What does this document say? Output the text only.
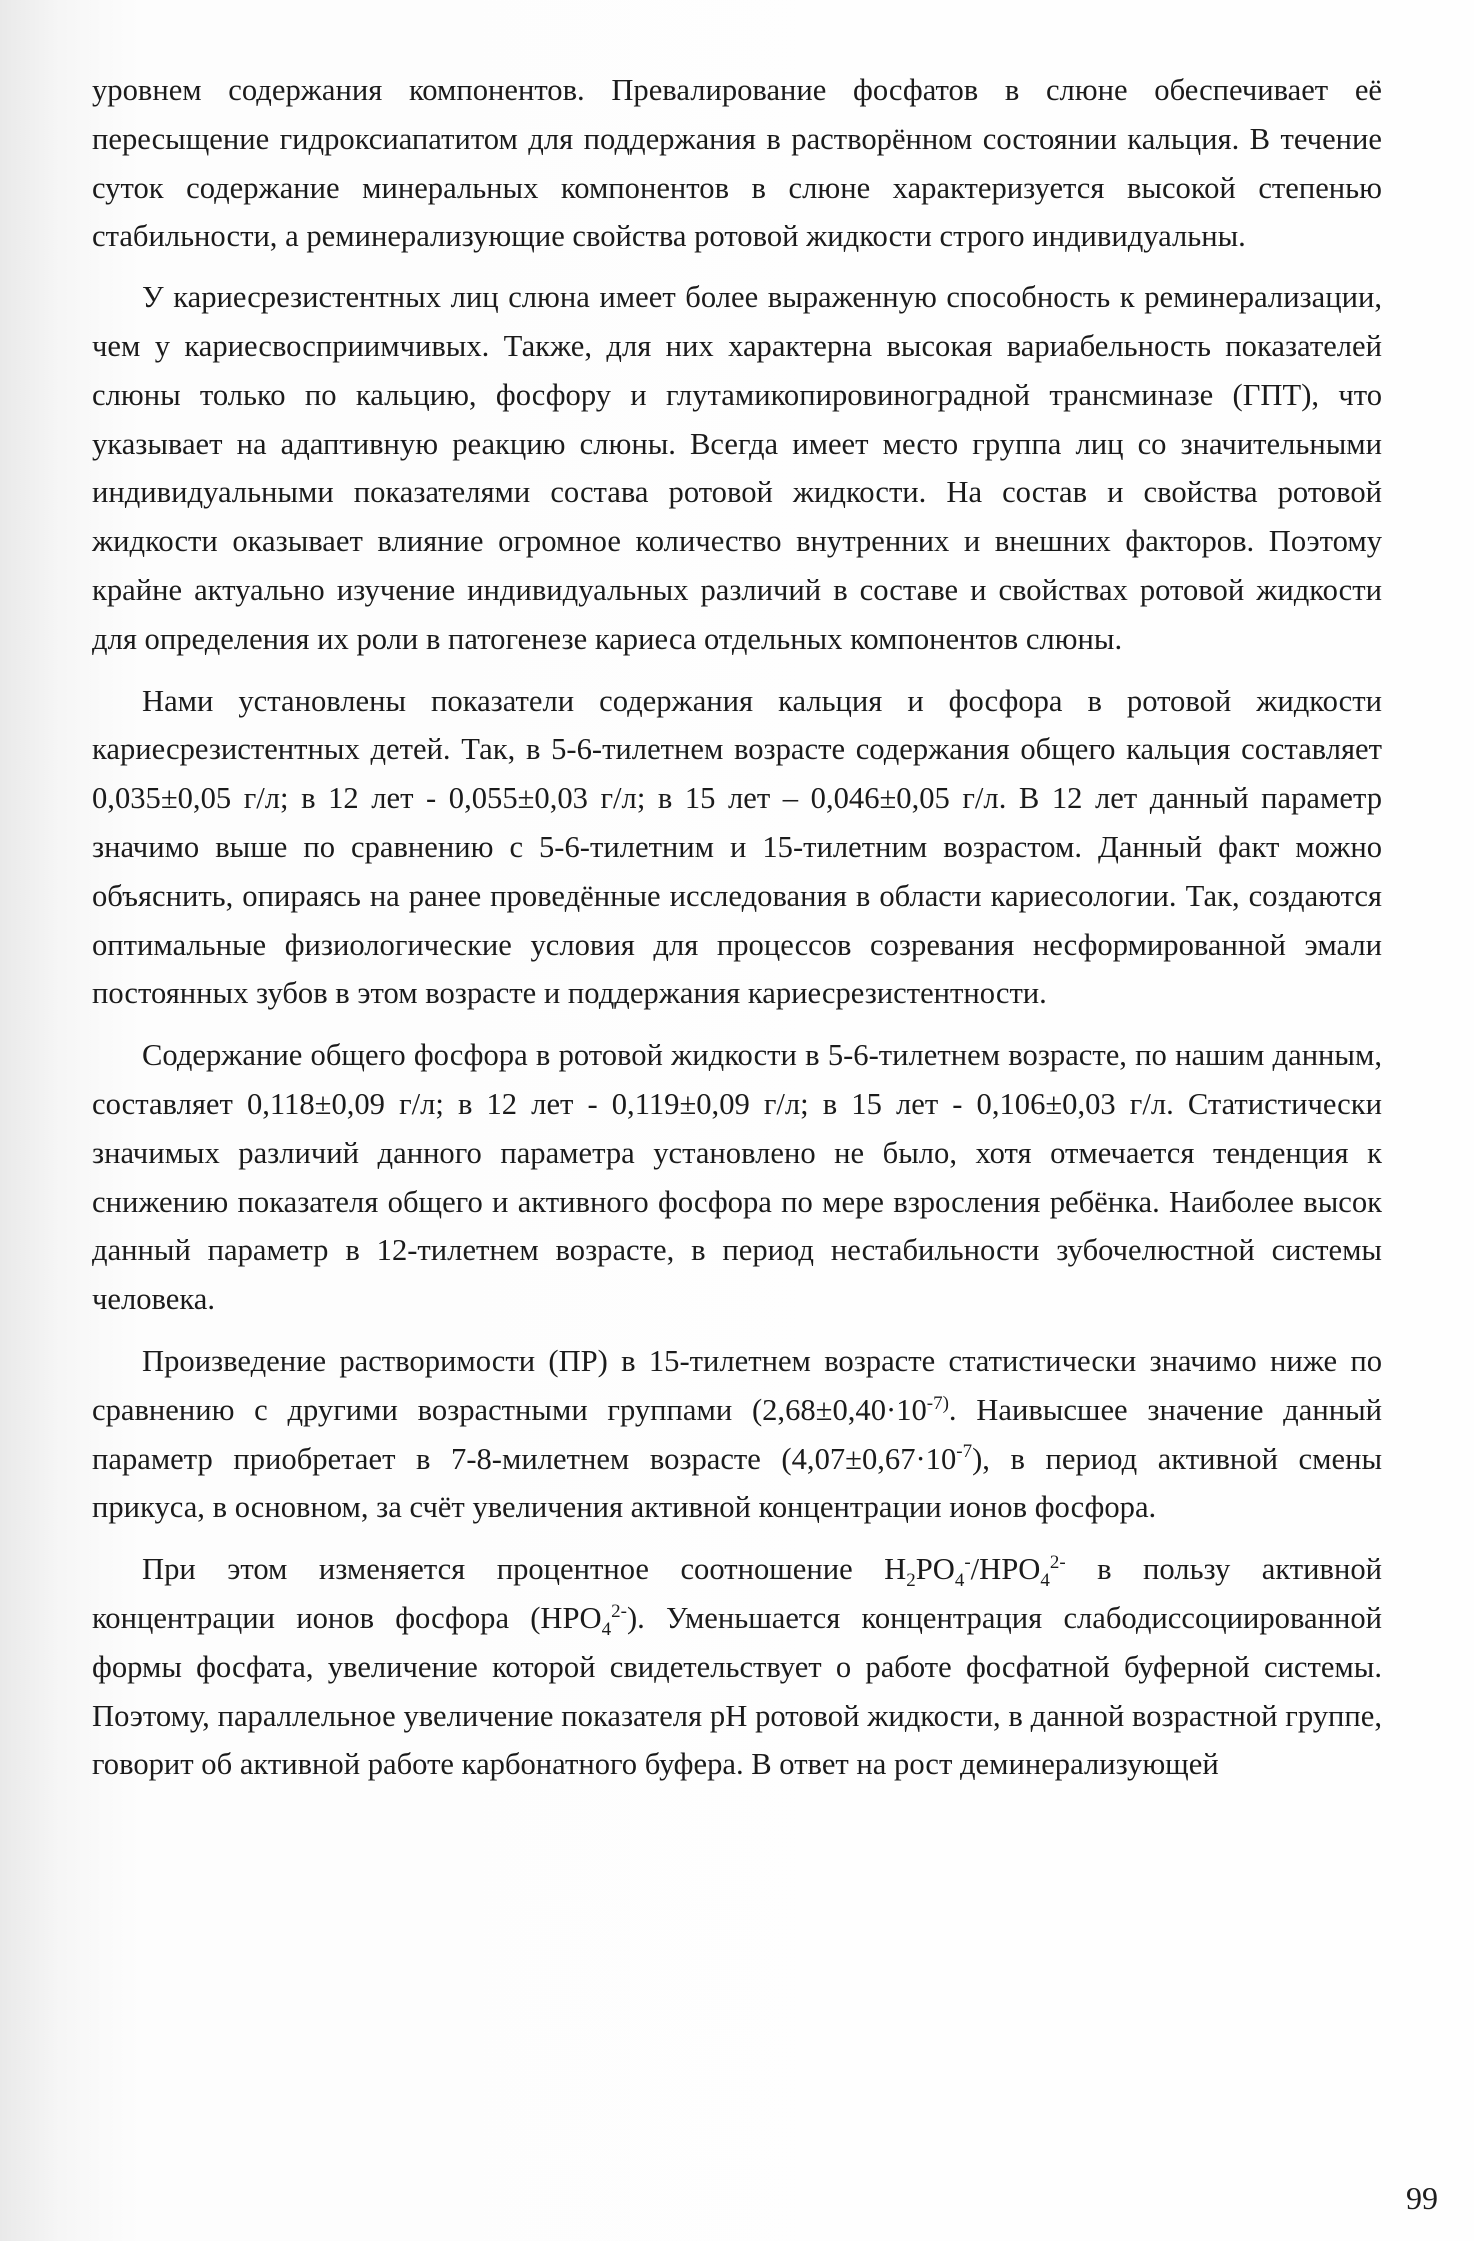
уровнем содержания компонентов. Превалирование фосфатов в слюне обеспечивает её пересыщение гидроксиапатитом для поддержания в растворённом состоянии кальция. В течение суток содержание минеральных компонентов в слюне характеризуется высокой степенью стабильности, а реминерализующие свойства ротовой жидкости строго индивидуальны.

У кариесрезистентных лиц слюна имеет более выраженную способность к реминерализации, чем у кариесвосприимчивых. Также, для них характерна высокая вариабельность показателей слюны только по кальцию, фосфору и глутамикопировиноградной трансминазе (ГПТ), что указывает на адаптивную реакцию слюны. Всегда имеет место группа лиц со значительными индивидуальными показателями состава ротовой жидкости. На состав и свойства ротовой жидкости оказывает влияние огромное количество внутренних и внешних факторов. Поэтому крайне актуально изучение индивидуальных различий в составе и свойствах ротовой жидкости для определения их роли в патогенезе кариеса отдельных компонентов слюны.

Нами установлены показатели содержания кальция и фосфора в ротовой жидкости кариесрезистентных детей. Так, в 5-6-тилетнем возрасте содержания общего кальция составляет 0,035±0,05 г/л; в 12 лет - 0,055±0,03 г/л; в 15 лет – 0,046±0,05 г/л. В 12 лет данный параметр значимо выше по сравнению с 5-6-тилетним и 15-тилетним возрастом. Данный факт можно объяснить, опираясь на ранее проведённые исследования в области кариесологии. Так, создаются оптимальные физиологические условия для процессов созревания несформированной эмали постоянных зубов в этом возрасте и поддержания кариесрезистентности.

Содержание общего фосфора в ротовой жидкости в 5-6-тилетнем возрасте, по нашим данным, составляет 0,118±0,09 г/л; в 12 лет - 0,119±0,09 г/л; в 15 лет - 0,106±0,03 г/л. Статистически значимых различий данного параметра установлено не было, хотя отмечается тенденция к снижению показателя общего и активного фосфора по мере взросления ребёнка. Наиболее высок данный параметр в 12-тилетнем возрасте, в период нестабильности зубочелюстной системы человека.

Произведение растворимости (ПР) в 15-тилетнем возрасте статистически значимо ниже по сравнению с другими возрастными группами ($2,68\pm 0,40\cdot 10^{-7)}$. Наивысшее значение данный параметр приобретает в 7-8-милетнем возрасте $(4,07\pm 0,67\cdot 10^{-7})$, в период активной смены прикуса, в основном, за счёт увеличения активной концентрации ионов фосфора.

При этом изменяется процентное соотношение $H_2PO_4^-/HPO_4^{2-}$ в пользу активной концентрации ионов фосфора $(HPO_4^{2-})$. Уменьшается концентрация слабодиссоциированной формы фосфата, увеличение которой свидетельствует о работе фосфатной буферной системы. Поэтому, параллельное увеличение показателя pH ротовой жидкости, в данной возрастной группе, говорит об активной работе карбонатного буфера. В ответ на рост деминерализующей

99
